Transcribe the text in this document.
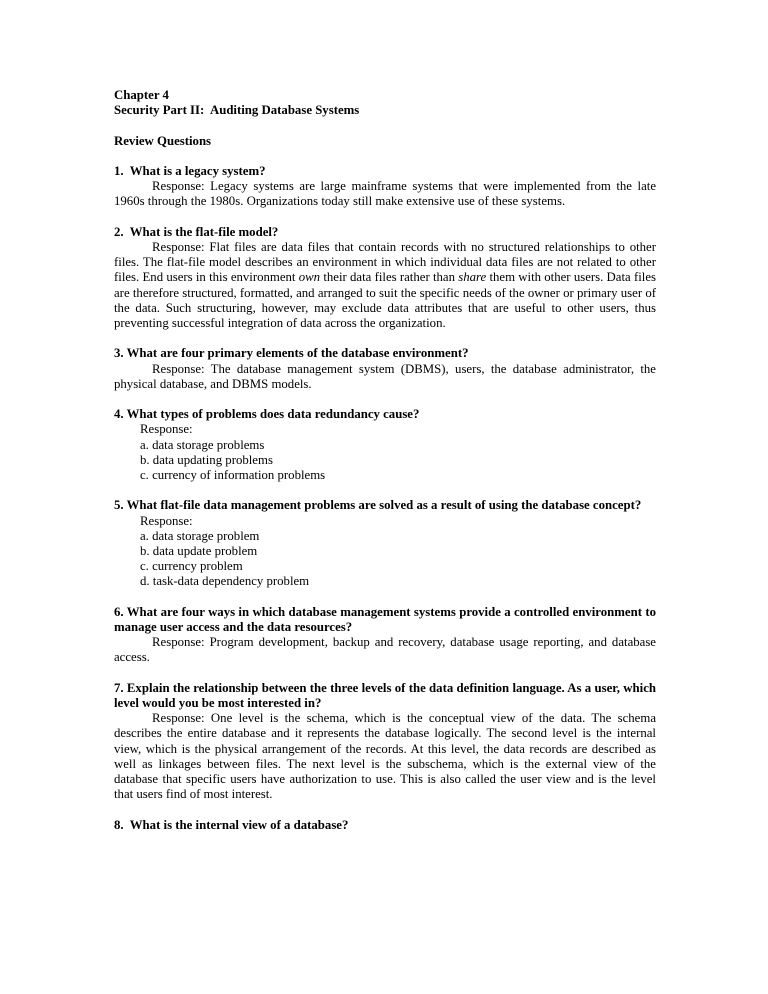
Chapter 4
Security Part II:  Auditing Database Systems

Review Questions

1.  What is a legacy system?
Response: Legacy systems are large mainframe systems that were implemented from the late 1960s through the 1980s. Organizations today still make extensive use of these systems.

2.  What is the flat-file model?
Response: Flat files are data files that contain records with no structured relationships to other files. The flat-file model describes an environment in which individual data files are not related to other files. End users in this environment own their data files rather than share them with other users. Data files are therefore structured, formatted, and arranged to suit the specific needs of the owner or primary user of the data. Such structuring, however, may exclude data attributes that are useful to other users, thus preventing successful integration of data across the organization.

3. What are four primary elements of the database environment?
Response: The database management system (DBMS), users, the database administrator, the physical database, and DBMS models.

4. What types of problems does data redundancy cause?
Response:
a. data storage problems
b. data updating problems
c. currency of information problems

5. What flat-file data management problems are solved as a result of using the database concept?
Response:
a. data storage problem
b. data update problem
c. currency problem
d. task-data dependency problem

6. What are four ways in which database management systems provide a controlled environment to manage user access and the data resources?
Response: Program development, backup and recovery, database usage reporting, and database access.

7. Explain the relationship between the three levels of the data definition language. As a user, which level would you be most interested in?
Response: One level is the schema, which is the conceptual view of the data. The schema describes the entire database and it represents the database logically. The second level is the internal view, which is the physical arrangement of the records. At this level, the data records are described as well as linkages between files. The next level is the subschema, which is the external view of the database that specific users have authorization to use. This is also called the user view and is the level that users find of most interest.

8.  What is the internal view of a database?
